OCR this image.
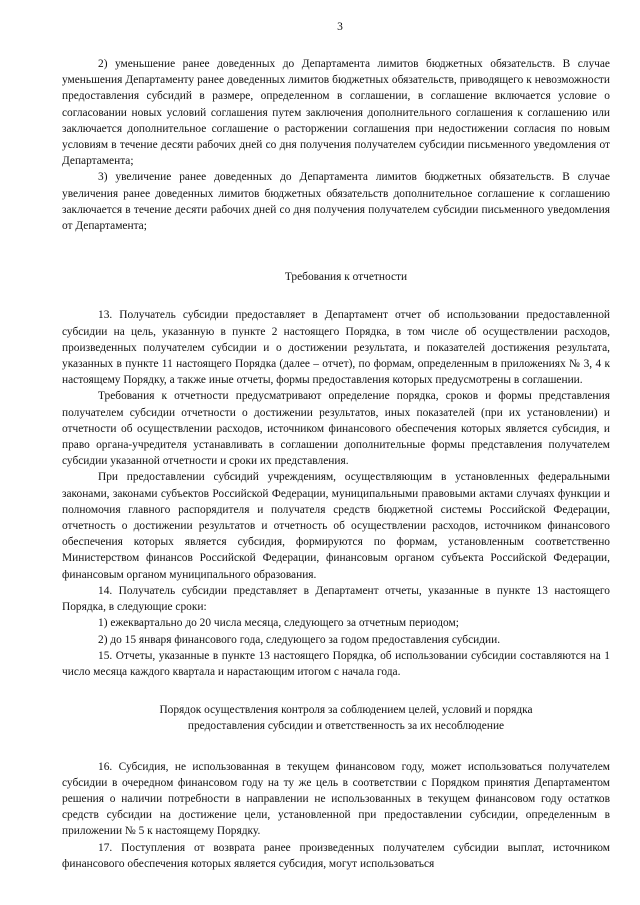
3

2) уменьшение ранее доведенных до Департамента лимитов бюджетных обязательств. В случае уменьшения Департаменту ранее доведенных лимитов бюджетных обязательств, приводящего к невозможности предоставления субсидий в размере, определенном в соглашении, в соглашение включается условие о согласовании новых условий соглашения путем заключения дополнительного соглашения к соглашению или заключается дополнительное соглашение о расторжении соглашения при недостижении согласия по новым условиям в течение десяти рабочих дней со дня получения получателем субсидии письменного уведомления от Департамента;

3) увеличение ранее доведенных до Департамента лимитов бюджетных обязательств. В случае увеличения ранее доведенных лимитов бюджетных обязательств дополнительное соглашение к соглашению заключается в течение десяти рабочих дней со дня получения получателем субсидии письменного уведомления от Департамента;

Требования к отчетности

13. Получатель субсидии предоставляет в Департамент отчет об использовании предоставленной субсидии на цель, указанную в пункте 2 настоящего Порядка, в том числе об осуществлении расходов, произведенных получателем субсидии и о достижении результата, и показателей достижения результата, указанных в пункте 11 настоящего Порядка (далее – отчет), по формам, определенным в приложениях № 3, 4 к настоящему Порядку, а также иные отчеты, формы предоставления которых предусмотрены в соглашении.

Требования к отчетности предусматривают определение порядка, сроков и формы представления получателем субсидии отчетности о достижении результатов, иных показателей (при их установлении) и отчетности об осуществлении расходов, источником финансового обеспечения которых является субсидия, и право органа-учредителя устанавливать в соглашении дополнительные формы представления получателем субсидии указанной отчетности и сроки их представления.

При предоставлении субсидий учреждениям, осуществляющим в установленных федеральными законами, законами субъектов Российской Федерации, муниципальными правовыми актами случаях функции и полномочия главного распорядителя и получателя средств бюджетной системы Российской Федерации, отчетность о достижении результатов и отчетность об осуществлении расходов, источником финансового обеспечения которых является субсидия, формируются по формам, установленным соответственно Министерством финансов Российской Федерации, финансовым органом субъекта Российской Федерации, финансовым органом муниципального образования.

14. Получатель субсидии представляет в Департамент отчеты, указанные в пункте 13 настоящего Порядка, в следующие сроки:

1) ежеквартально до 20 числа месяца, следующего за отчетным периодом;

2) до 15 января финансового года, следующего за годом предоставления субсидии.

15. Отчеты, указанные в пункте 13 настоящего Порядка, об использовании субсидии составляются на 1 число месяца каждого квартала и нарастающим итогом с начала года.

Порядок осуществления контроля за соблюдением целей, условий и порядка

предоставления субсидии и ответственность за их несоблюдение

16. Субсидия, не использованная в текущем финансовом году, может использоваться получателем субсидии в очередном финансовом году на ту же цель в соответствии с Порядком принятия Департаментом решения о наличии потребности в направлении не использованных в текущем финансовом году остатков средств субсидии на достижение цели, установленной при предоставлении субсидии, определенным в приложении № 5 к настоящему Порядку.

17. Поступления от возврата ранее произведенных получателем субсидии выплат, источником финансового обеспечения которых является субсидия, могут использоваться
